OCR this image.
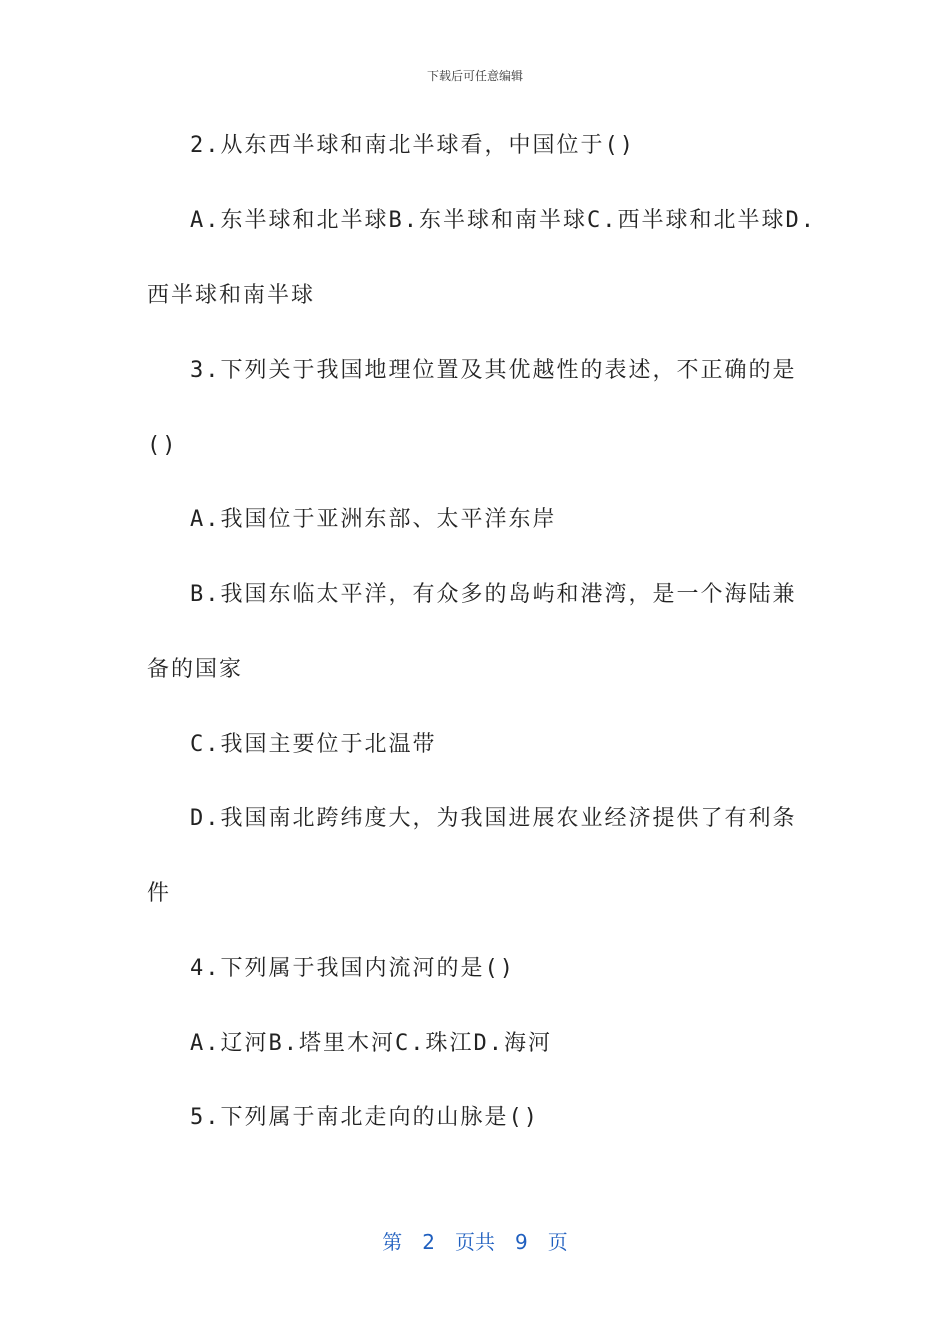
下载后可任意编辑
2.从东西半球和南北半球看，中国位于()
A.东半球和北半球B.东半球和南半球C.西半球和北半球D.
西半球和南半球
3.下列关于我国地理位置及其优越性的表述，不正确的是
()
A.我国位于亚洲东部、太平洋东岸
B.我国东临太平洋，有众多的岛屿和港湾，是一个海陆兼
备的国家
C.我国主要位于北温带
D.我国南北跨纬度大，为我国进展农业经济提供了有利条
件
4.下列属于我国内流河的是()
A.辽河B.塔里木河C.珠江D.海河
5.下列属于南北走向的山脉是()
第 2 页共 9 页
